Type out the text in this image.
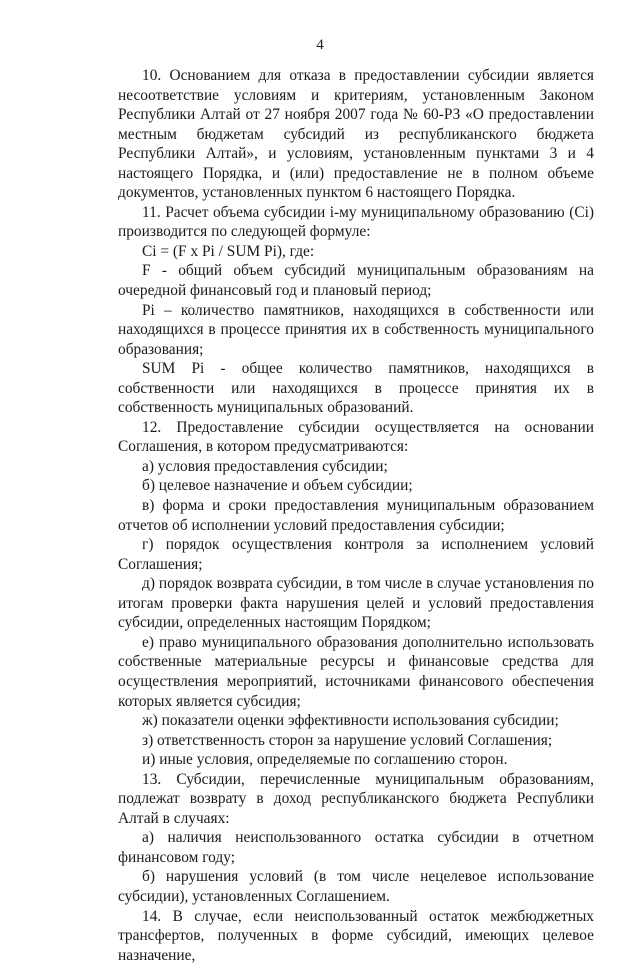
4

10. Основанием для отказа в предоставлении субсидии является несоответствие условиям и критериям, установленным Законом Республики Алтай от 27 ноября 2007 года № 60-РЗ «О предоставлении местным бюджетам субсидий из республиканского бюджета Республики Алтай», и условиям, установленным пунктами 3 и 4 настоящего Порядка, и (или) предоставление не в полном объеме документов, установленных пунктом 6 настоящего Порядка.

11. Расчет объема субсидии i-му муниципальному образованию (Ci) производится по следующей формуле:

Ci = (F x Pi / SUM Pi), где:

F - общий объем субсидий муниципальным образованиям на очередной финансовый год и плановый период;

Pi – количество памятников, находящихся в собственности или находящихся в процессе принятия их в собственность муниципального образования;

SUM Pi - общее количество памятников, находящихся в собственности или находящихся в процессе принятия их в собственность муниципальных образований.

12. Предоставление субсидии осуществляется на основании Соглашения, в котором предусматриваются:

а) условия предоставления субсидии;

б) целевое назначение и объем субсидии;

в) форма и сроки предоставления муниципальным образованием отчетов об исполнении условий предоставления субсидии;

г) порядок осуществления контроля за исполнением условий Соглашения;

д) порядок возврата субсидии, в том числе в случае установления по итогам проверки факта нарушения целей и условий предоставления субсидии, определенных настоящим Порядком;

е) право муниципального образования дополнительно использовать собственные материальные ресурсы и финансовые средства для осуществления мероприятий, источниками финансового обеспечения которых является субсидия;

ж) показатели оценки эффективности использования субсидии;

з) ответственность сторон за нарушение условий Соглашения;

и) иные условия, определяемые по соглашению сторон.

13. Субсидии, перечисленные муниципальным образованиям, подлежат возврату в доход республиканского бюджета Республики Алтай в случаях:

а) наличия неиспользованного остатка субсидии в отчетном финансовом году;

б) нарушения условий (в том числе нецелевое использование субсидии), установленных Соглашением.

14. В случае, если неиспользованный остаток межбюджетных трансфертов, полученных в форме субсидий, имеющих целевое назначение,
